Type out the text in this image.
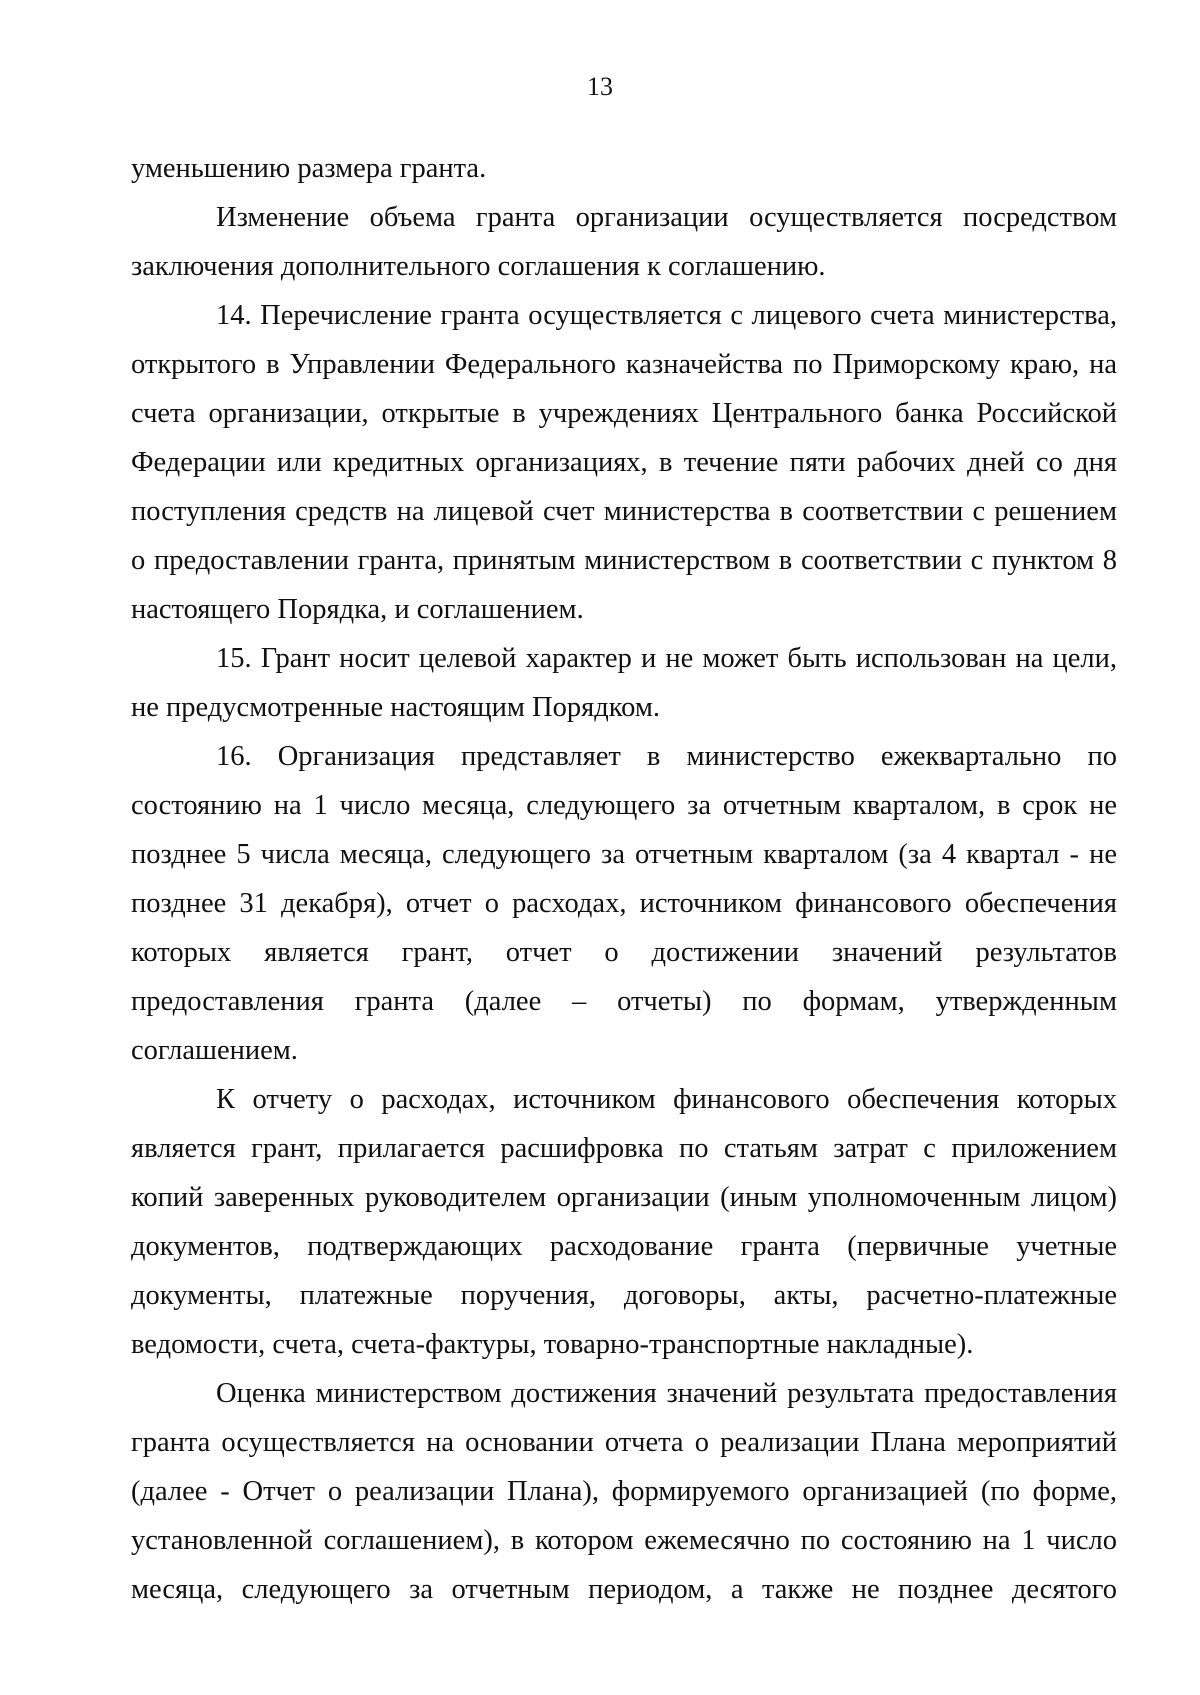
13
уменьшению размера гранта.
Изменение объема гранта организации осуществляется посредством
заключения дополнительного соглашения к соглашению.
14. Перечисление гранта осуществляется с лицевого счета министерства,
открытого в Управлении Федерального казначейства по Приморскому краю, на
счета организации, открытые в учреждениях Центрального банка Российской
Федерации или кредитных организациях, в течение пяти рабочих дней со дня
поступления средств на лицевой счет министерства в соответствии с решением
о предоставлении гранта, принятым министерством в соответствии с пунктом 8
настоящего Порядка, и соглашением.
15. Грант носит целевой характер и не может быть использован на цели,
не предусмотренные настоящим Порядком.
16. Организация представляет в министерство ежеквартально по
состоянию на 1 число месяца, следующего за отчетным кварталом, в срок не
позднее 5 числа месяца, следующего за отчетным кварталом (за 4 квартал - не
позднее 31 декабря), отчет о расходах, источником финансового обеспечения
которых является грант, отчет о достижении значений результатов
предоставления гранта (далее – отчеты) по формам, утвержденным
соглашением.
К отчету о расходах, источником финансового обеспечения которых
является грант, прилагается расшифровка по статьям затрат с приложением
копий заверенных руководителем организации (иным уполномоченным лицом)
документов, подтверждающих расходование гранта (первичные учетные
документы, платежные поручения, договоры, акты, расчетно-платежные
ведомости, счета, счета-фактуры, товарно-транспортные накладные).
Оценка министерством достижения значений результата предоставления
гранта осуществляется на основании отчета о реализации Плана мероприятий
(далее - Отчет о реализации Плана), формируемого организацией (по форме,
установленной соглашением), в котором ежемесячно по состоянию на 1 число
месяца, следующего за отчетным периодом, а также не позднее десятого
